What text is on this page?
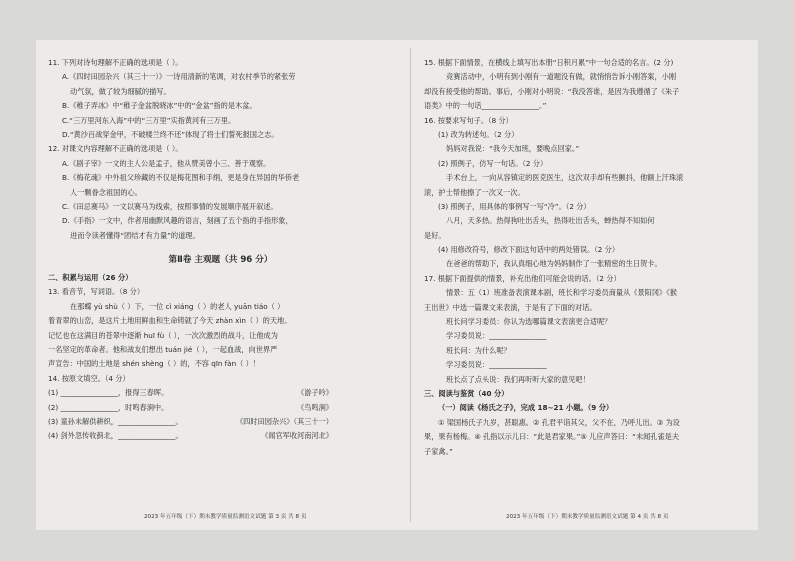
11. 下列对诗句理解不正确的选项是（ ）。
A.《四时田园杂兴（其三十一）》一诗用清新的笔调，对农村季节的紧张劳
动气氛，做了较为细腻的描写。
B.《稚子弄冰》中“稚子金盆脱晓冰”中的“金盆”指的是木盆。
C.“三万里河东入海”中的“三万里”实指黄河有三万里。
D.“黄沙百战穿金甲，不破楼兰终不还”体现了将士们誓死报国之志。
12. 对课文内容理解不正确的选项是（ ）。
A.《剧子宰》一文的主人公是孟子，他从赞美曾小三、善于观察。
B.《梅花魂》中外祖父珍藏的不仅是梅花图和手绢，更是身在异国的华侨老
人一颗眷念祖国的心。
C.《田忌赛马》一文以赛马为线索，按照事情的发展顺序展开叙述。
D.《手指》一文中，作者用幽默风趣的语言，刻画了五个指的手指形象，
进而令读者懂得“团结才有力量”的道理。
第Ⅱ卷 主观题（共 96 分）
二、积累与运用（26 分）
13. 看音节，写词语。（8 分）
在那蝶 yù shù（ ）下，一位 cì xiáng（ ）的老人 yuān tiáo（ ）
着青翠的山峦，是这片土地用鲜血和生命铸就了今天 zhàn xìn（ ）的天地。
记忆也在这满目的苍翠中逐渐 huī fù（ ），一次次激烈的战斗，让他成为
一名坚定的革命者。他和战友们想出 tuán jié（ ），一起血战，向世界严
声宣告：中国的土地是 shén shèng（ ）的，不容 qīn fàn（ ）！
14. 按原文填空。（4 分）
(1) ________________，报得三春晖。	《游子吟》
(2) ________________，时鸣春涧中。	《鸟鸣涧》
(3) 童孙未解供耕织，________________。	《四时田园杂兴》（其三十一）
(4) 剑外忽传收蓟北，________________。	《闻官军收河南河北》
15. 根据下面情景，在横线上填写出本册“日积月累”中一句合适的名言。(2 分)
竞赛活动中，小明有到小刚有一道题没有做，就悄悄告诉小刚答案，小刚
却没有接受他的帮助。事后，小刚对小明说：“我没答谁，是因为我遵循了《朱子
语类》中的一句话________________。”
16. 按要求写句子。（8 分）
(1) 改为转述句。（2 分）
妈妈对我说：“我今天加班，要晚点回家。”
(2) 照例子，仿写一句话。（2 分）
手术台上，一向从容镇定的医克医生，这次双手却有些颤抖，他额上汗珠滚
滚，护士帮他擦了一次又一次。
(3) 照例子，用具体的事例写一写“冷”。（2 分）
八月，天多热。热得狗吐出舌头，热得吐出舌头，蝉热得不知如何
是好。
(4) 用修改符号，修改下面这句话中的两处错误。（2 分）
在爸爸的帮助下，我认真细心地为妈妈制作了一张精密的生日贺卡。
17. 根据下面提供的情景，补充出他们可能会说的话。（2 分）
情景：五（1）班准备表演课本剧，班长和学习委员商量从《景阳冈》《猴
王出世》中选一篇课文来表演，于是有了下面的对话。
班长问学习委员：你认为选哪篇课文表演更合适呢？
学习委员说：________________
班长问：为什么呢？
学习委员说：________________
班长点了点头说：我们再听听大家的意见吧！
三、阅读与鉴赏（40 分）
（一）阅读《杨氏之子》，完成 18~21 小题。（9 分）
① 梁国杨氏子九岁，甚聪惠。② 孔君平诣其父，父不在，乃呼儿出。③ 为设
果，果有杨梅。④ 孔指以示儿曰：“此是君家果。”⑤ 儿应声答曰：“未闻孔雀是夫
子家禽。”
2023 年五年级（下）期末教学质量监测语文试题 第 3 页 共 8 页	2023 年五年级（下）期末教学质量监测语文试题 第 4 页 共 8 页
